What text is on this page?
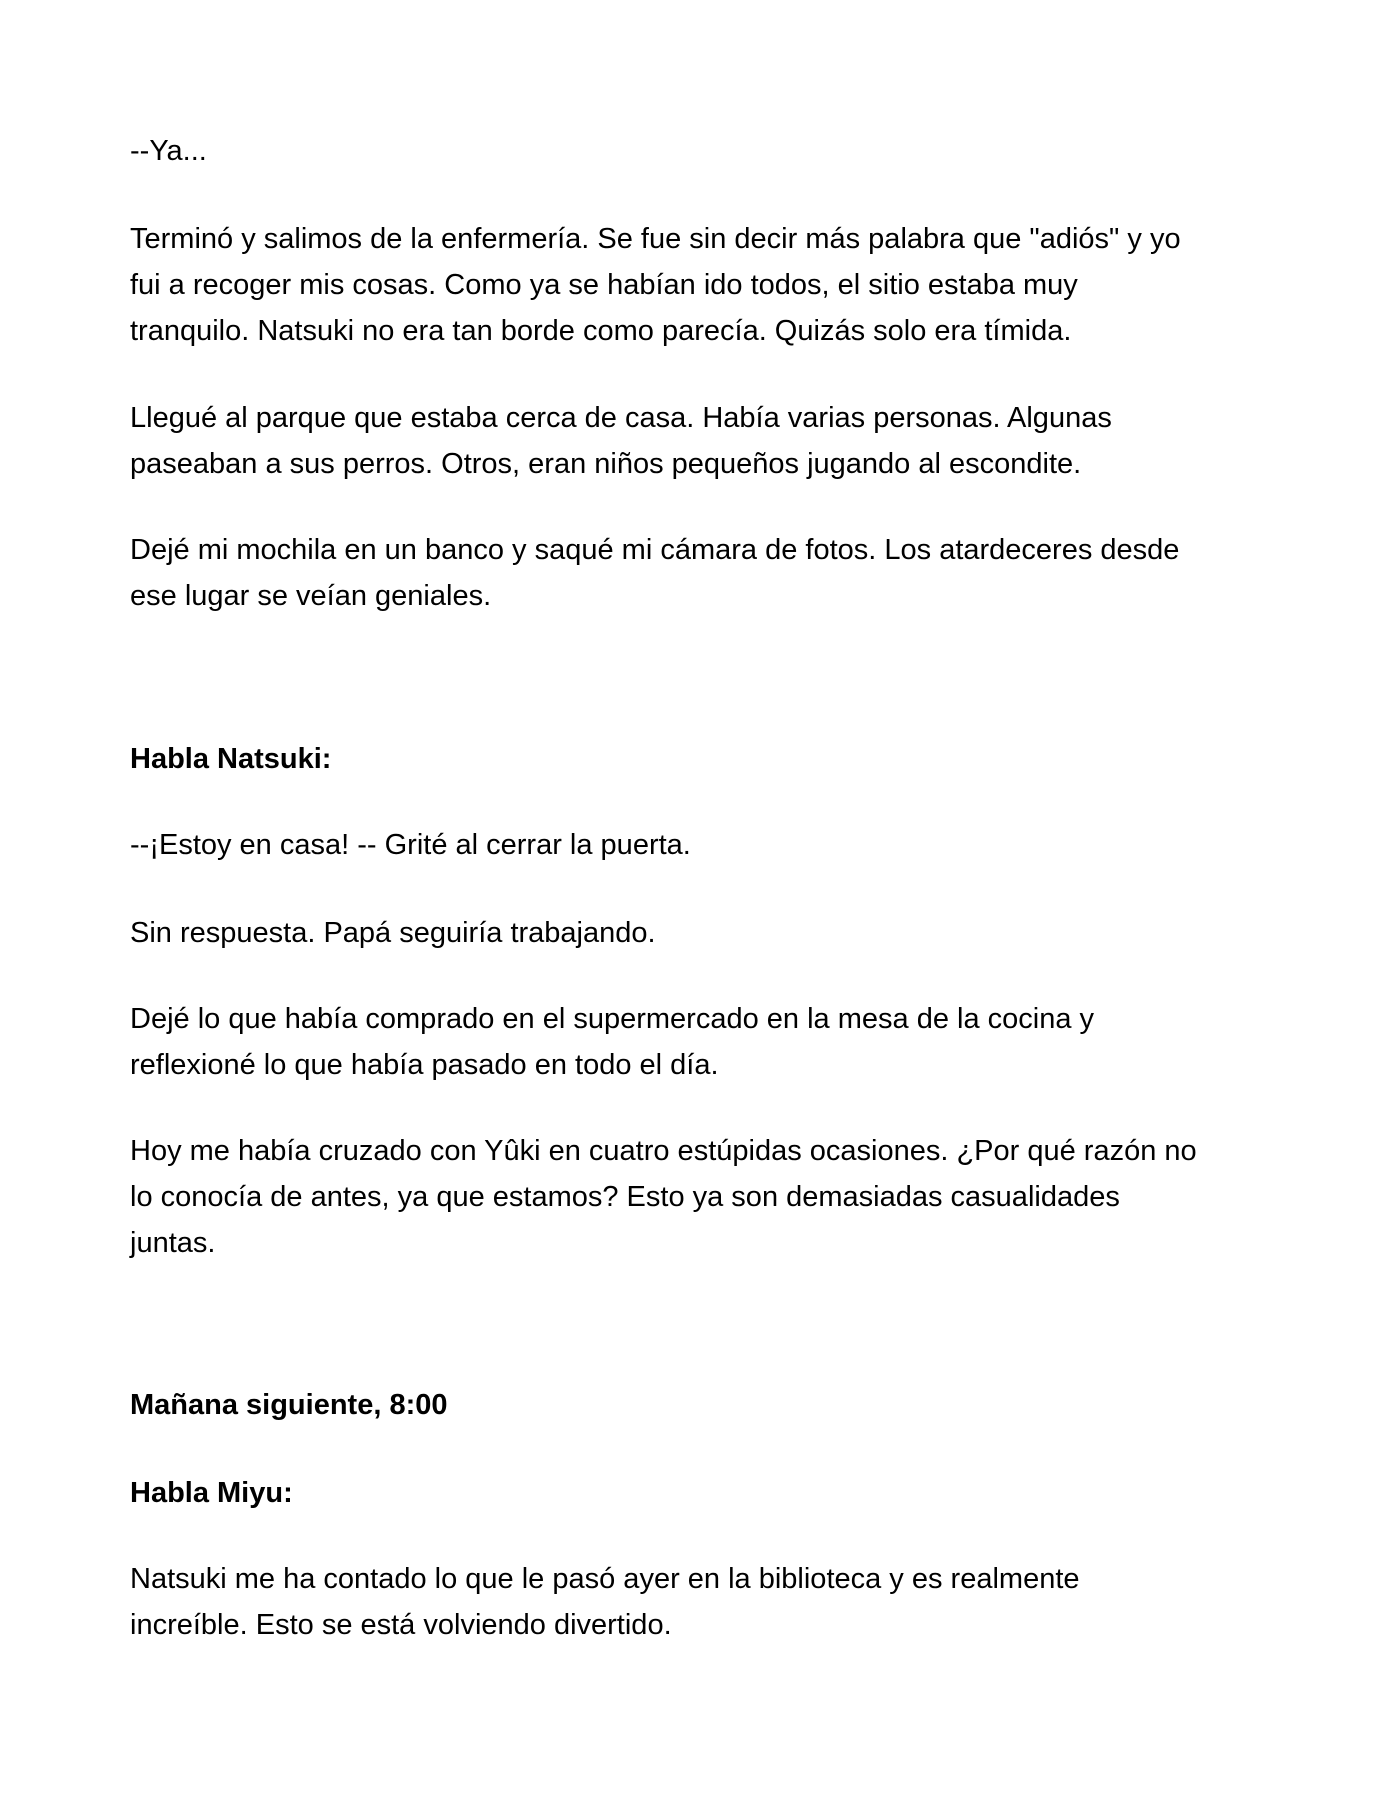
--Ya...

Terminó y salimos de la enfermería. Se fue sin decir más palabra que "adiós" y yo
fui a recoger mis cosas. Como ya se habían ido todos, el sitio estaba muy
tranquilo. Natsuki no era tan borde como parecía. Quizás solo era tímida.

Llegué al parque que estaba cerca de casa. Había varias personas. Algunas
paseaban a sus perros. Otros, eran niños pequeños jugando al escondite.

Dejé mi mochila en un banco y saqué mi cámara de fotos. Los atardeceres desde
ese lugar se veían geniales.

Habla Natsuki:

--¡Estoy en casa! -- Grité al cerrar la puerta.

Sin respuesta. Papá seguiría trabajando.

Dejé lo que había comprado en el supermercado en la mesa de la cocina y
reflexioné lo que había pasado en todo el día.

Hoy me había cruzado con Yûki en cuatro estúpidas ocasiones. ¿Por qué razón no
lo conocía de antes, ya que estamos? Esto ya son demasiadas casualidades
juntas.

Mañana siguiente, 8:00

Habla Miyu:

Natsuki me ha contado lo que le pasó ayer en la biblioteca y es realmente
increíble. Esto se está volviendo divertido.
